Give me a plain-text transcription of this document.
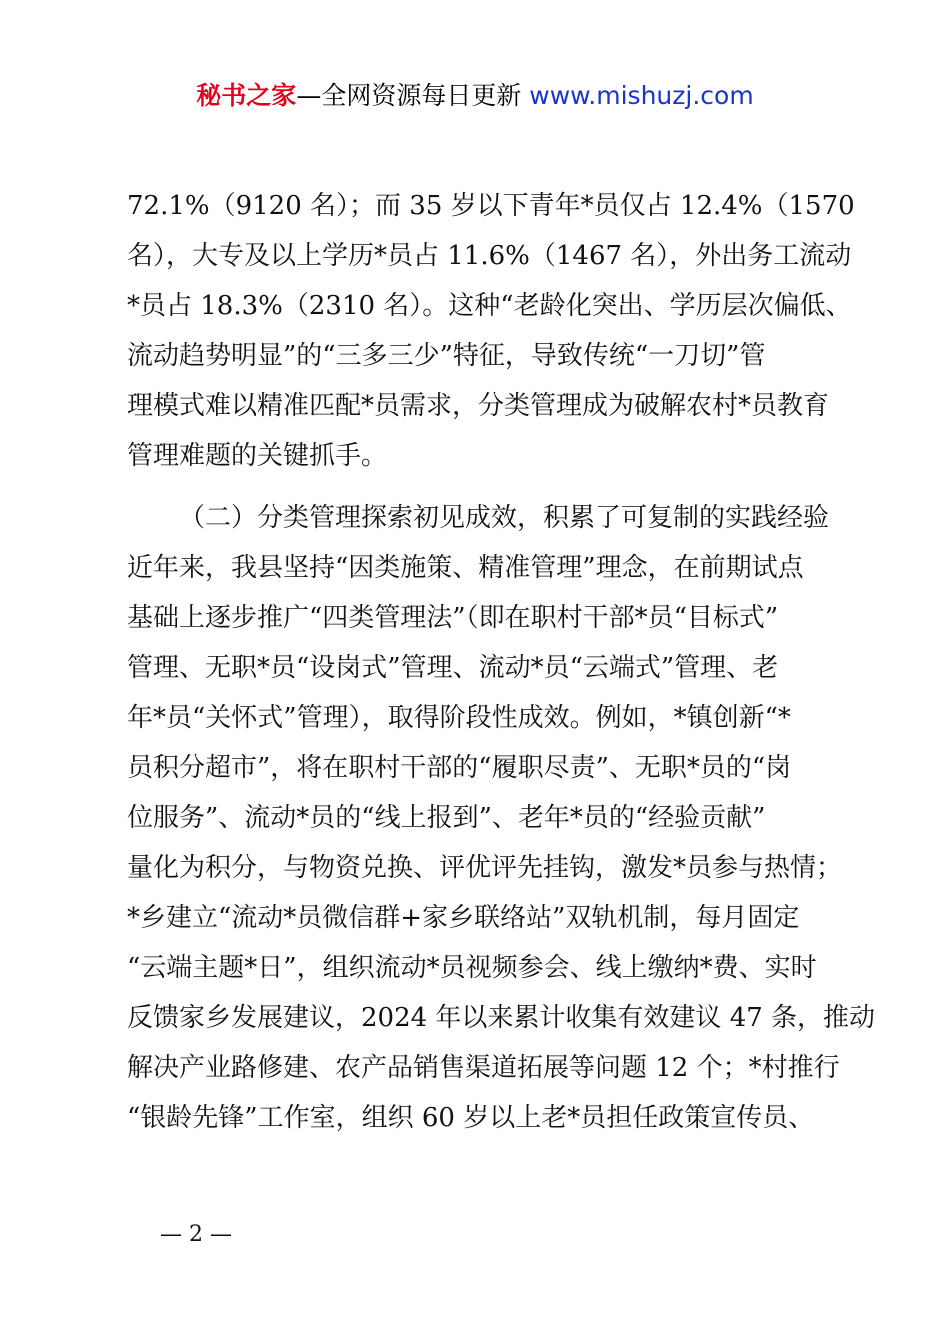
秘书之家—全网资源每日更新 www.mishuzj.com
72.1%（9120 名）；而 35 岁以下青年*员仅占 12.4%（1570
名），大专及以上学历*员占 11.6%（1467 名），外出务工流动
*员占 18.3%（2310 名）。这种“老龄化突出、学历层次偏低、
流动趋势明显”的“三多三少”特征，导致传统“一刀切”管
理模式难以精准匹配*员需求，分类管理成为破解农村*员教育
管理难题的关键抓手。
（二）分类管理探索初见成效，积累了可复制的实践经验
近年来，我县坚持“因类施策、精准管理”理念，在前期试点
基础上逐步推广“四类管理法”（即在职村干部*员“目标式”
管理、无职*员“设岗式”管理、流动*员“云端式”管理、老
年*员“关怀式”管理），取得阶段性成效。例如，*镇创新“*
员积分超市”，将在职村干部的“履职尽责”、无职*员的“岗
位服务”、流动*员的“线上报到”、老年*员的“经验贡献”
量化为积分，与物资兑换、评优评先挂钩，激发*员参与热情；
*乡建立“流动*员微信群+家乡联络站”双轨机制，每月固定
“云端主题*日”，组织流动*员视频参会、线上缴纳*费、实时
反馈家乡发展建议，2024 年以来累计收集有效建议 47 条，推动
解决产业路修建、农产品销售渠道拓展等问题 12 个；*村推行
“银龄先锋”工作室，组织 60 岁以上老*员担任政策宣传员、
— 2 —
